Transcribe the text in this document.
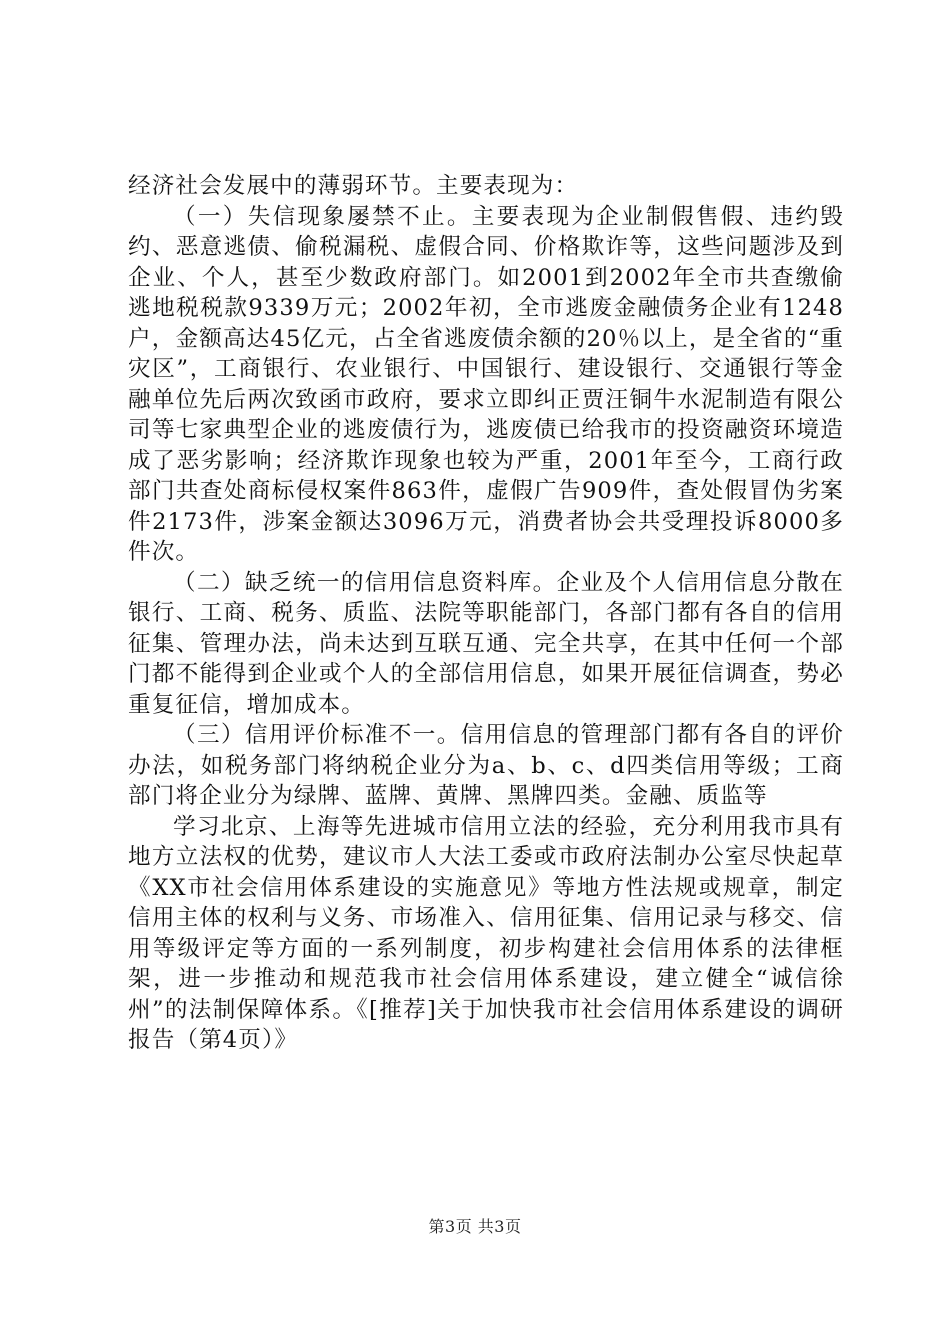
经济社会发展中的薄弱环节。主要表现为：

（一）失信现象屡禁不止。主要表现为企业制假售假、违约毁约、恶意逃债、偷税漏税、虚假合同、价格欺诈等，这些问题涉及到企业、个人，甚至少数政府部门。如2001到2002年全市共查缴偷逃地税税款9339万元；2002年初，全市逃废金融债务企业有1248户，金额高达45亿元，占全省逃废债余额的20％以上，是全省的“重灾区”，工商银行、农业银行、中国银行、建设银行、交通银行等金融单位先后两次致函市政府，要求立即纠正贾汪铜牛水泥制造有限公司等七家典型企业的逃废债行为，逃废债已给我市的投资融资环境造成了恶劣影响；经济欺诈现象也较为严重，2001年至今，工商行政部门共查处商标侵权案件863件，虚假广告909件，查处假冒伪劣案件2173件，涉案金额达3096万元，消费者协会共受理投诉8000多件次。

（二）缺乏统一的信用信息资料库。企业及个人信用信息分散在银行、工商、税务、质监、法院等职能部门，各部门都有各自的信用征集、管理办法，尚未达到互联互通、完全共享，在其中任何一个部门都不能得到企业或个人的全部信用信息，如果开展征信调查，势必重复征信，增加成本。

（三）信用评价标准不一。信用信息的管理部门都有各自的评价办法，如税务部门将纳税企业分为a、b、c、d四类信用等级；工商部门将企业分为绿牌、蓝牌、黄牌、黑牌四类。金融、质监等

学习北京、上海等先进城市信用立法的经验，充分利用我市具有地方立法权的优势，建议市人大法工委或市政府法制办公室尽快起草《XX市社会信用体系建设的实施意见》等地方性法规或规章，制定信用主体的权利与义务、市场准入、信用征集、信用记录与移交、信用等级评定等方面的一系列制度，初步构建社会信用体系的法律框架，进一步推动和规范我市社会信用体系建设，建立健全“诚信徐州”的法制保障体系。《[推荐]关于加快我市社会信用体系建设的调研报告（第4页）》

第3页 共3页
